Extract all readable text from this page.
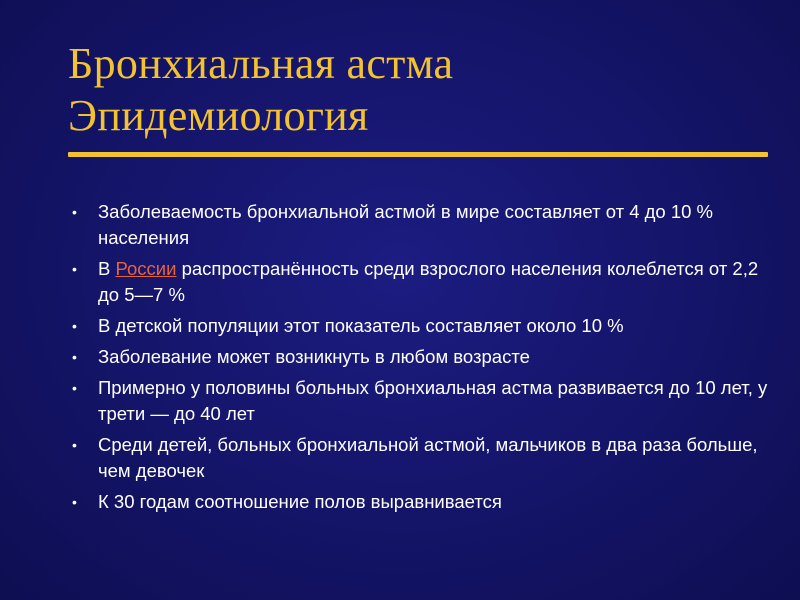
Бронхиальная астма
Эпидемиология
• Заболеваемость бронхиальной астмой в мире составляет от 4 до 10 % населения
• В России распространённость среди взрослого населения колеблется от 2,2 до 5—7 %
• В детской популяции этот показатель составляет около 10 %
• Заболевание может возникнуть в любом возрасте
• Примерно у половины больных бронхиальная астма развивается до 10 лет, у трети — до 40 лет
• Среди детей, больных бронхиальной астмой, мальчиков в два раза больше, чем девочек
• К 30 годам соотношение полов выравнивается
